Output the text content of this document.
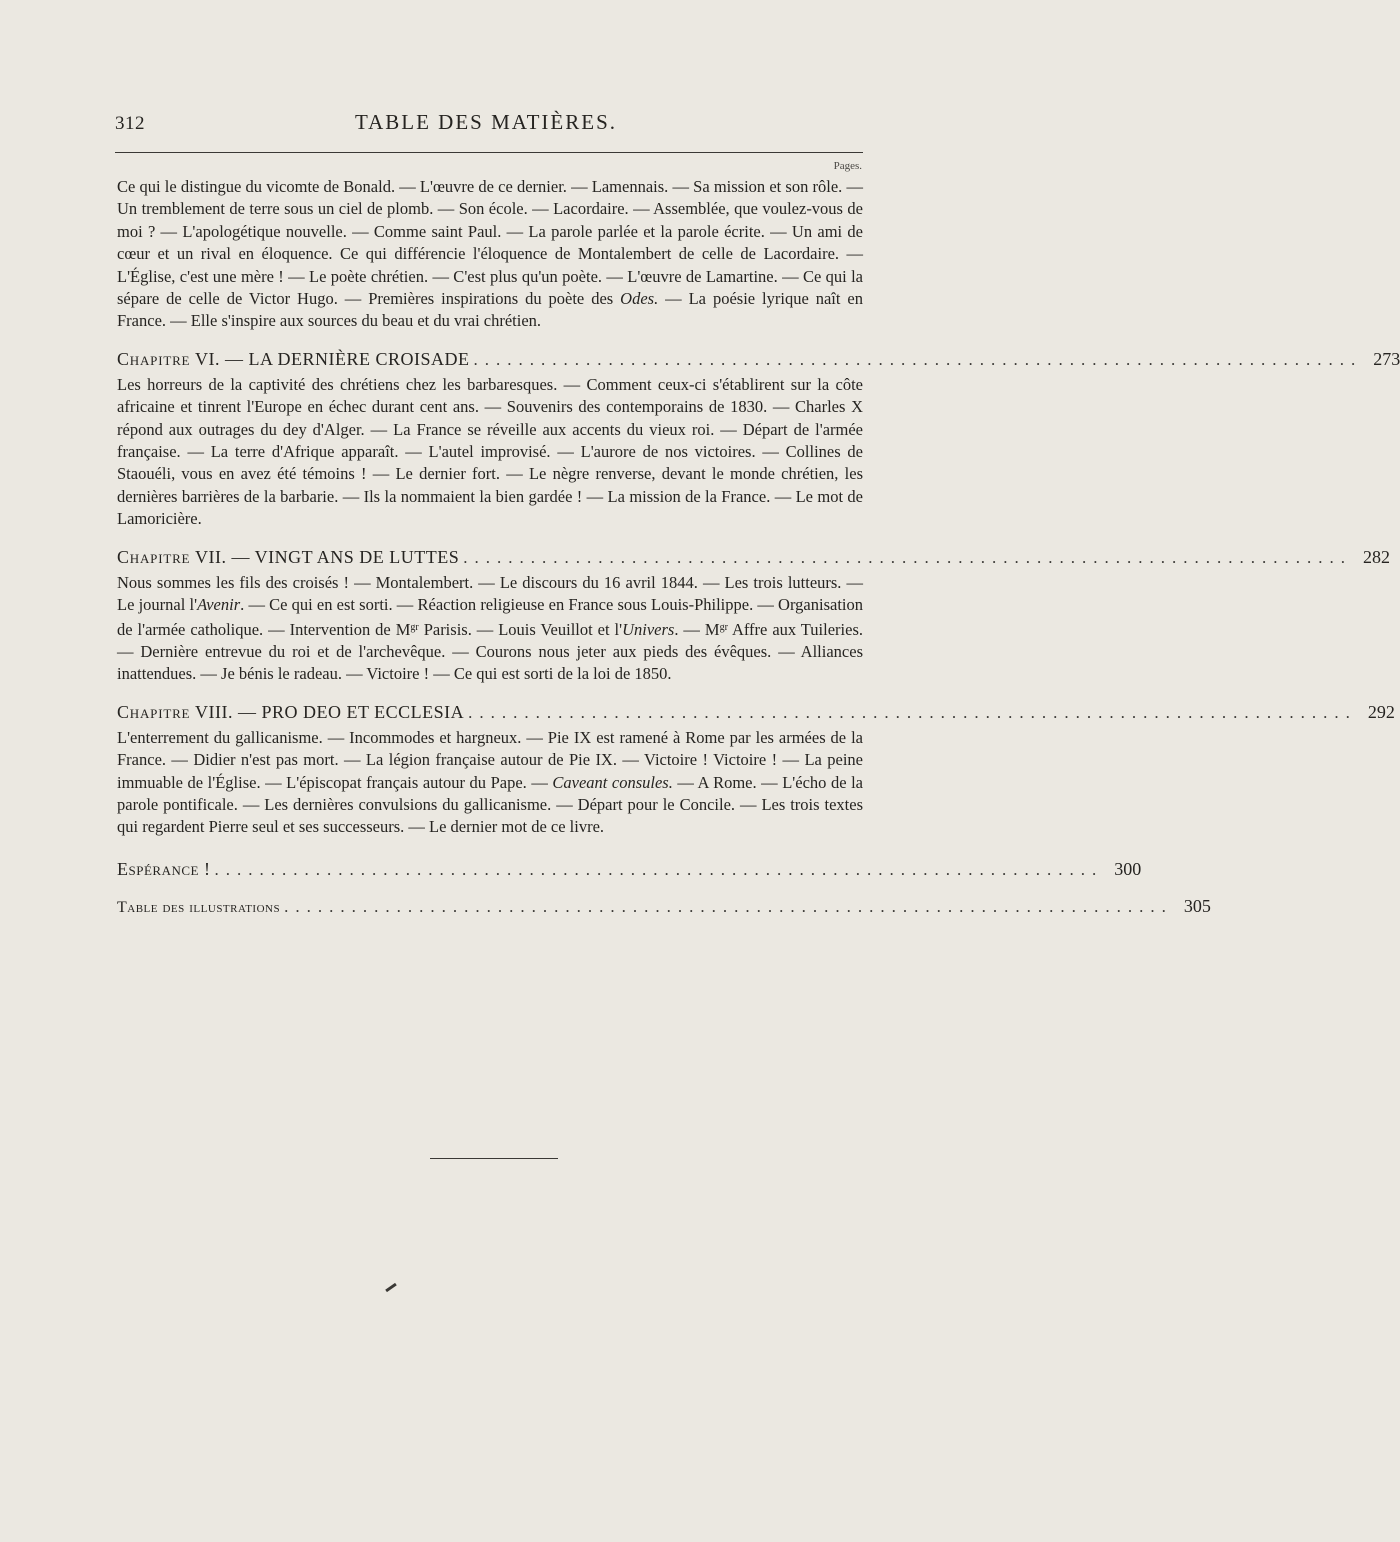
312	TABLE DES MATIÈRES.
Pages.

Ce qui le distingue du vicomte de Bonald. — L'œuvre de ce dernier. — Lamennais. — Sa mission et son rôle. — Un tremblement de terre sous un ciel de plomb. — Son école. — Lacordaire. — Assemblée, que voulez-vous de moi ? — L'apologétique nouvelle. — Comme saint Paul. — La parole parlée et la parole écrite. — Un ami de cœur et un rival en éloquence. Ce qui différencie l'éloquence de Montalembert de celle de Lacordaire. — L'Église, c'est une mère ! — Le poète chrétien. — C'est plus qu'un poète. — L'œuvre de Lamartine. — Ce qui la sépare de celle de Victor Hugo. — Premières inspirations du poète des Odes. — La poésie lyrique naît en France. — Elle s'inspire aux sources du beau et du vrai chrétien.

Chapitre VI. — LA DERNIÈRE CROISADE ............................................................................... 273

Les horreurs de la captivité des chrétiens chez les barbaresques. — Comment ceux-ci s'établirent sur la côte africaine et tinrent l'Europe en échec durant cent ans. — Souvenirs des contemporains de 1830. — Charles X répond aux outrages du dey d'Alger. — La France se réveille aux accents du vieux roi. — Départ de l'armée française. — La terre d'Afrique apparaît. — L'autel improvisé. — L'aurore de nos victoires. — Collines de Staouéli, vous en avez été témoins ! — Le dernier fort. — Le nègre renverse, devant le monde chrétien, les dernières barrières de la barbarie. — Ils la nommaient la bien gardée ! — La mission de la France. — Le mot de Lamoricière.

Chapitre VII. — VINGT ANS DE LUTTES ............................................................................... 282

Nous sommes les fils des croisés ! — Montalembert. — Le discours du 16 avril 1844. — Les trois lutteurs. — Le journal l'Avenir. — Ce qui en est sorti. — Réaction religieuse en France sous Louis-Philippe. — Organisation de l'armée catholique. — Intervention de $M^{gr}$ Parisis. — Louis Veuillot et l'Univers. — $M^{gr}$ Affre aux Tuileries. — Dernière entrevue du roi et de l'archevêque. — Courons nous jeter aux pieds des évêques. — Alliances inattendues. — Je bénis le radeau. — Victoire ! — Ce qui est sorti de la loi de 1850.

Chapitre VIII. — PRO DEO ET ECCLESIA ............................................................................... 292

L'enterrement du gallicanisme. — Incommodes et hargneux. — Pie IX est ramené à Rome par les armées de la France. — Didier n'est pas mort. — La légion française autour de Pie IX. — Victoire ! Victoire ! — La peine immuable de l'Église. — L'épiscopat français autour du Pape. — Caveant consules. — A Rome. — L'écho de la parole pontificale. — Les dernières convulsions du gallicanisme. — Départ pour le Concile. — Les trois textes qui regardent Pierre seul et ses successeurs. — Le dernier mot de ce livre.

Espérance ! ............................................................................... 300
Table des illustrations ............................................................................... 305
